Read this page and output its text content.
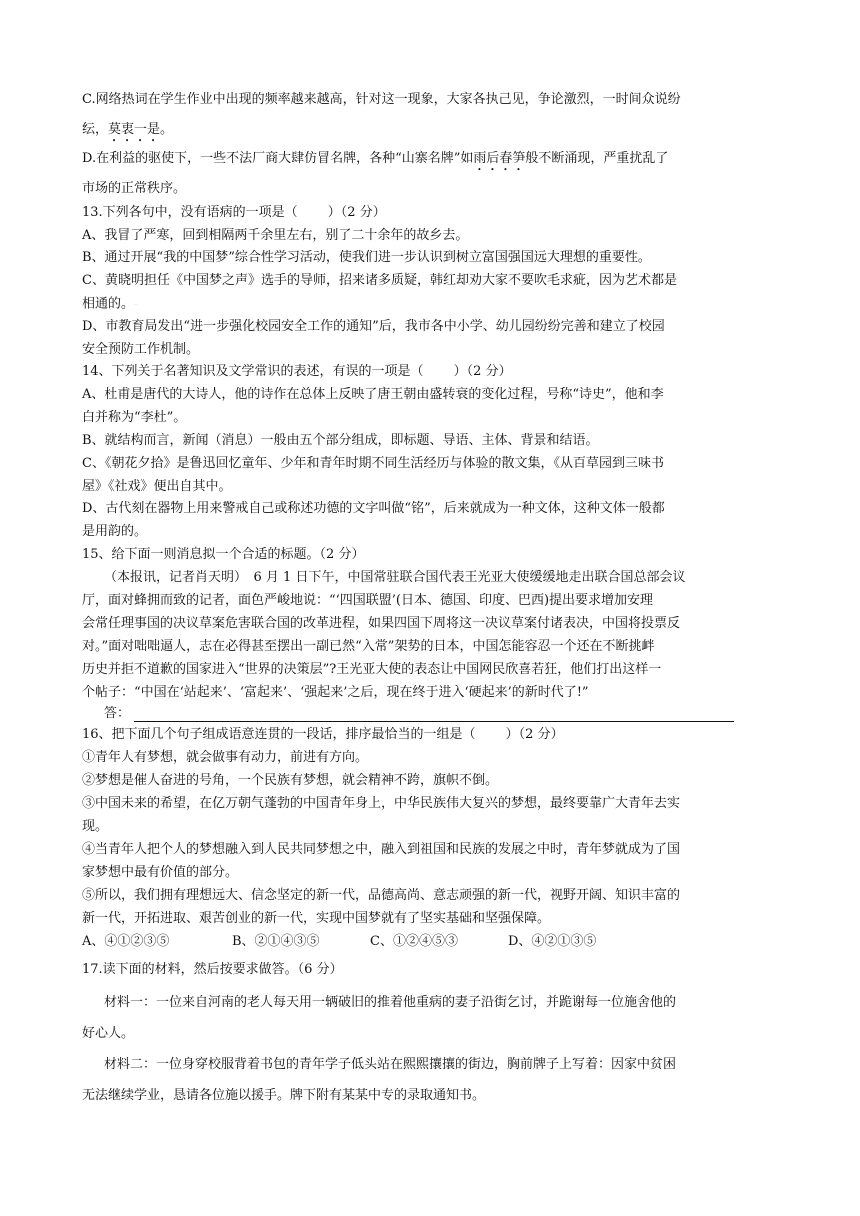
C.网络热词在学生作业中出现的频率越来越高，针对这一现象，大家各执己见，争论激烈，一时间众说纷
纭，莫衷一是。
D.在利益的驱使下，一些不法厂商大肆仿冒名牌，各种“山寨名牌”如雨后春笋般不断涌现，严重扰乱了
市场的正常秩序。
13.下列各句中，没有语病的一项是（　　 ）（2 分）
A、我冒了严寒，回到相隔两千余里左右，别了二十余年的故乡去。
B、通过开展“我的中国梦”综合性学习活动，使我们进一步认识到树立富国强国远大理想的重要性。
C、黄晓明担任《中国梦之声》选手的导师，招来诸多质疑，韩红却劝大家不要吹毛求疵，因为艺术都是
相通的。 ·····
D、市教育局发出“进一步强化校园安全工作的通知”后，我市各中小学、幼儿园纷纷完善和建立了校园
安全预防工作机制。
14、下列关于名著知识及文学常识的表述，有误的一项是（　　 ）（2 分）
A、杜甫是唐代的大诗人，他的诗作在总体上反映了唐王朝由盛转衰的变化过程，号称“诗史”，他和李
白并称为“李杜”。
B、就结构而言，新闻（消息）一般由五个部分组成，即标题、导语、主体、背景和结语。
C、《朝花夕拾》是鲁迅回忆童年、少年和青年时期不同生活经历与体验的散文集，《从百草园到三味书
屋》《社戏》便出自其中。
D、古代刻在器物上用来警戒自己或称述功德的文字叫做“铭”，后来就成为一种文体，这种文体一般都
是用韵的。
15、给下面一则消息拟一个合适的标题。（2 分）
（本报讯，记者肖天明）　6 月 1 日下午，中国常驻联合国代表王光亚大使缓缓地走出联合国总部会议
厅，面对蜂拥而致的记者，面色严峻地说：“‘四国联盟’(日本、德国、印度、巴西)提出要求增加安理
会常任理事国的决议草案危害联合国的改革进程，如果四国下周将这一决议草案付诸表决，中国将投票反
对。”面对咄咄逼人，志在必得甚至摆出一副已然“入常”架势的日本，中国怎能容忍一个还在不断挑衅
历史并拒不道歉的国家进入“世界的决策层”?王光亚大使的表态让中国网民欣喜若狂，他们打出这样一
个帖子：“中国在‘站起来’、‘富起来’、‘强起来’之后，现在终于进入‘硬起来’的新时代了!”
答：
16、把下面几个句子组成语意连贯的一段话，排序最恰当的一组是（　　 ）（2 分）
①青年人有梦想，就会做事有动力，前进有方向。
②梦想是催人奋进的号角，一个民族有梦想，就会精神不跨，旗帜不倒。
③中国未来的希望，在亿万朝气蓬勃的中国青年身上，中华民族伟大复兴的梦想，最终要靠广大青年去实
现。
④当青年人把个人的梦想融入到人民共同梦想之中，融入到祖国和民族的发展之中时，青年梦就成为了国
家梦想中最有价值的部分。
⑤所以，我们拥有理想远大、信念坚定的新一代，品德高尚、意志顽强的新一代，视野开阔、知识丰富的
新一代，开拓进取、艰苦创业的新一代，实现中国梦就有了坚实基础和坚强保障。
A、④①②③⑤	B、②①④③⑤	C、①②④⑤③	D、④②①③⑤
17.读下面的材料，然后按要求做答。（6 分）
材料一：一位来自河南的老人每天用一辆破旧的推着他重病的妻子沿街乞讨，并跪谢每一位施舍他的
好心人。
材料二：一位身穿校服背着书包的青年学子低头站在熙熙攘攘的街边，胸前牌子上写着：因家中贫困
无法继续学业，恳请各位施以援手。牌下附有某某中专的录取通知书。
